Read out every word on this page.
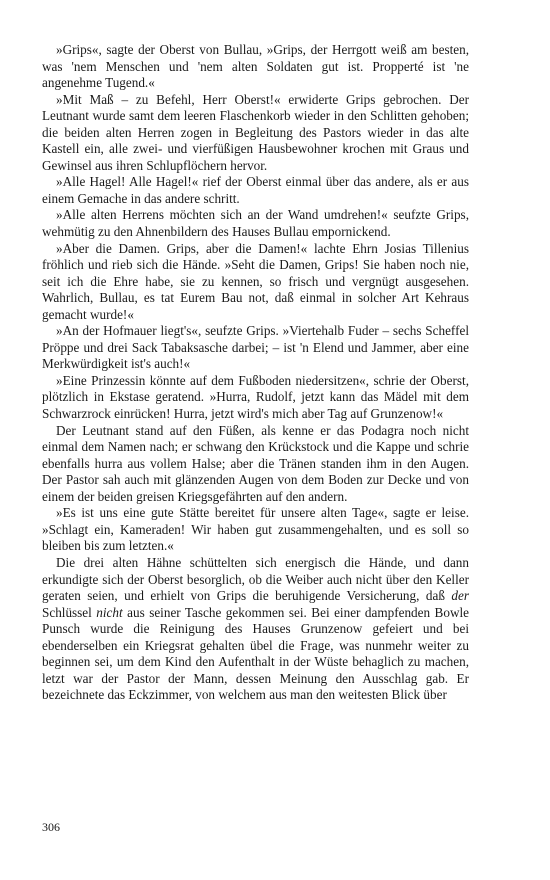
»Grips«, sagte der Oberst von Bullau, »Grips, der Herrgott weiß am besten, was 'nem Menschen und 'nem alten Soldaten gut ist. Propperté ist 'ne angenehme Tugend.«

»Mit Maß – zu Befehl, Herr Oberst!« erwiderte Grips gebrochen. Der Leutnant wurde samt dem leeren Flaschenkorb wieder in den Schlitten gehoben; die beiden alten Herren zogen in Begleitung des Pastors wieder in das alte Kastell ein, alle zwei- und vierfüßigen Hausbewohner krochen mit Graus und Gewinsel aus ihren Schlupflöchern hervor.

»Alle Hagel! Alle Hagel!« rief der Oberst einmal über das andere, als er aus einem Gemache in das andere schritt.

»Alle alten Herrens möchten sich an der Wand umdrehen!« seufzte Grips, wehmütig zu den Ahnenbildern des Hauses Bullau empornickend.

»Aber die Damen. Grips, aber die Damen!« lachte Ehrn Josias Tillenius fröhlich und rieb sich die Hände. »Seht die Damen, Grips! Sie haben noch nie, seit ich die Ehre habe, sie zu kennen, so frisch und vergnügt ausgesehen. Wahrlich, Bullau, es tat Eurem Bau not, daß einmal in solcher Art Kehraus gemacht wurde!«

»An der Hofmauer liegt's«, seufzte Grips. »Viertehalb Fuder – sechs Scheffel Pröppe und drei Sack Tabaksasche darbei; – ist 'n Elend und Jammer, aber eine Merkwürdigkeit ist's auch!«

»Eine Prinzessin könnte auf dem Fußboden niedersitzen«, schrie der Oberst, plötzlich in Ekstase geratend. »Hurra, Rudolf, jetzt kann das Mädel mit dem Schwarzrock einrücken! Hurra, jetzt wird's mich aber Tag auf Grunzenow!«

Der Leutnant stand auf den Füßen, als kenne er das Podagra noch nicht einmal dem Namen nach; er schwang den Krückstock und die Kappe und schrie ebenfalls hurra aus vollem Halse; aber die Tränen standen ihm in den Augen. Der Pastor sah auch mit glänzenden Augen von dem Boden zur Decke und von einem der beiden greisen Kriegsgefährten auf den andern.

»Es ist uns eine gute Stätte bereitet für unsere alten Tage«, sagte er leise. »Schlagt ein, Kameraden! Wir haben gut zusammengehalten, und es soll so bleiben bis zum letzten.«

Die drei alten Hähne schüttelten sich energisch die Hände, und dann erkundigte sich der Oberst besorglich, ob die Weiber auch nicht über den Keller geraten seien, und erhielt von Grips die beruhigende Versicherung, daß der Schlüssel nicht aus seiner Tasche gekommen sei. Bei einer dampfenden Bowle Punsch wurde die Reinigung des Hauses Grunzenow gefeiert und bei ebenderselben ein Kriegsrat gehalten übel die Frage, was nunmehr weiter zu beginnen sei, um dem Kind den Aufenthalt in der Wüste behaglich zu machen, letzt war der Pastor der Mann, dessen Meinung den Ausschlag gab. Er bezeichnete das Eckzimmer, von welchem aus man den weitesten Blick über

306
